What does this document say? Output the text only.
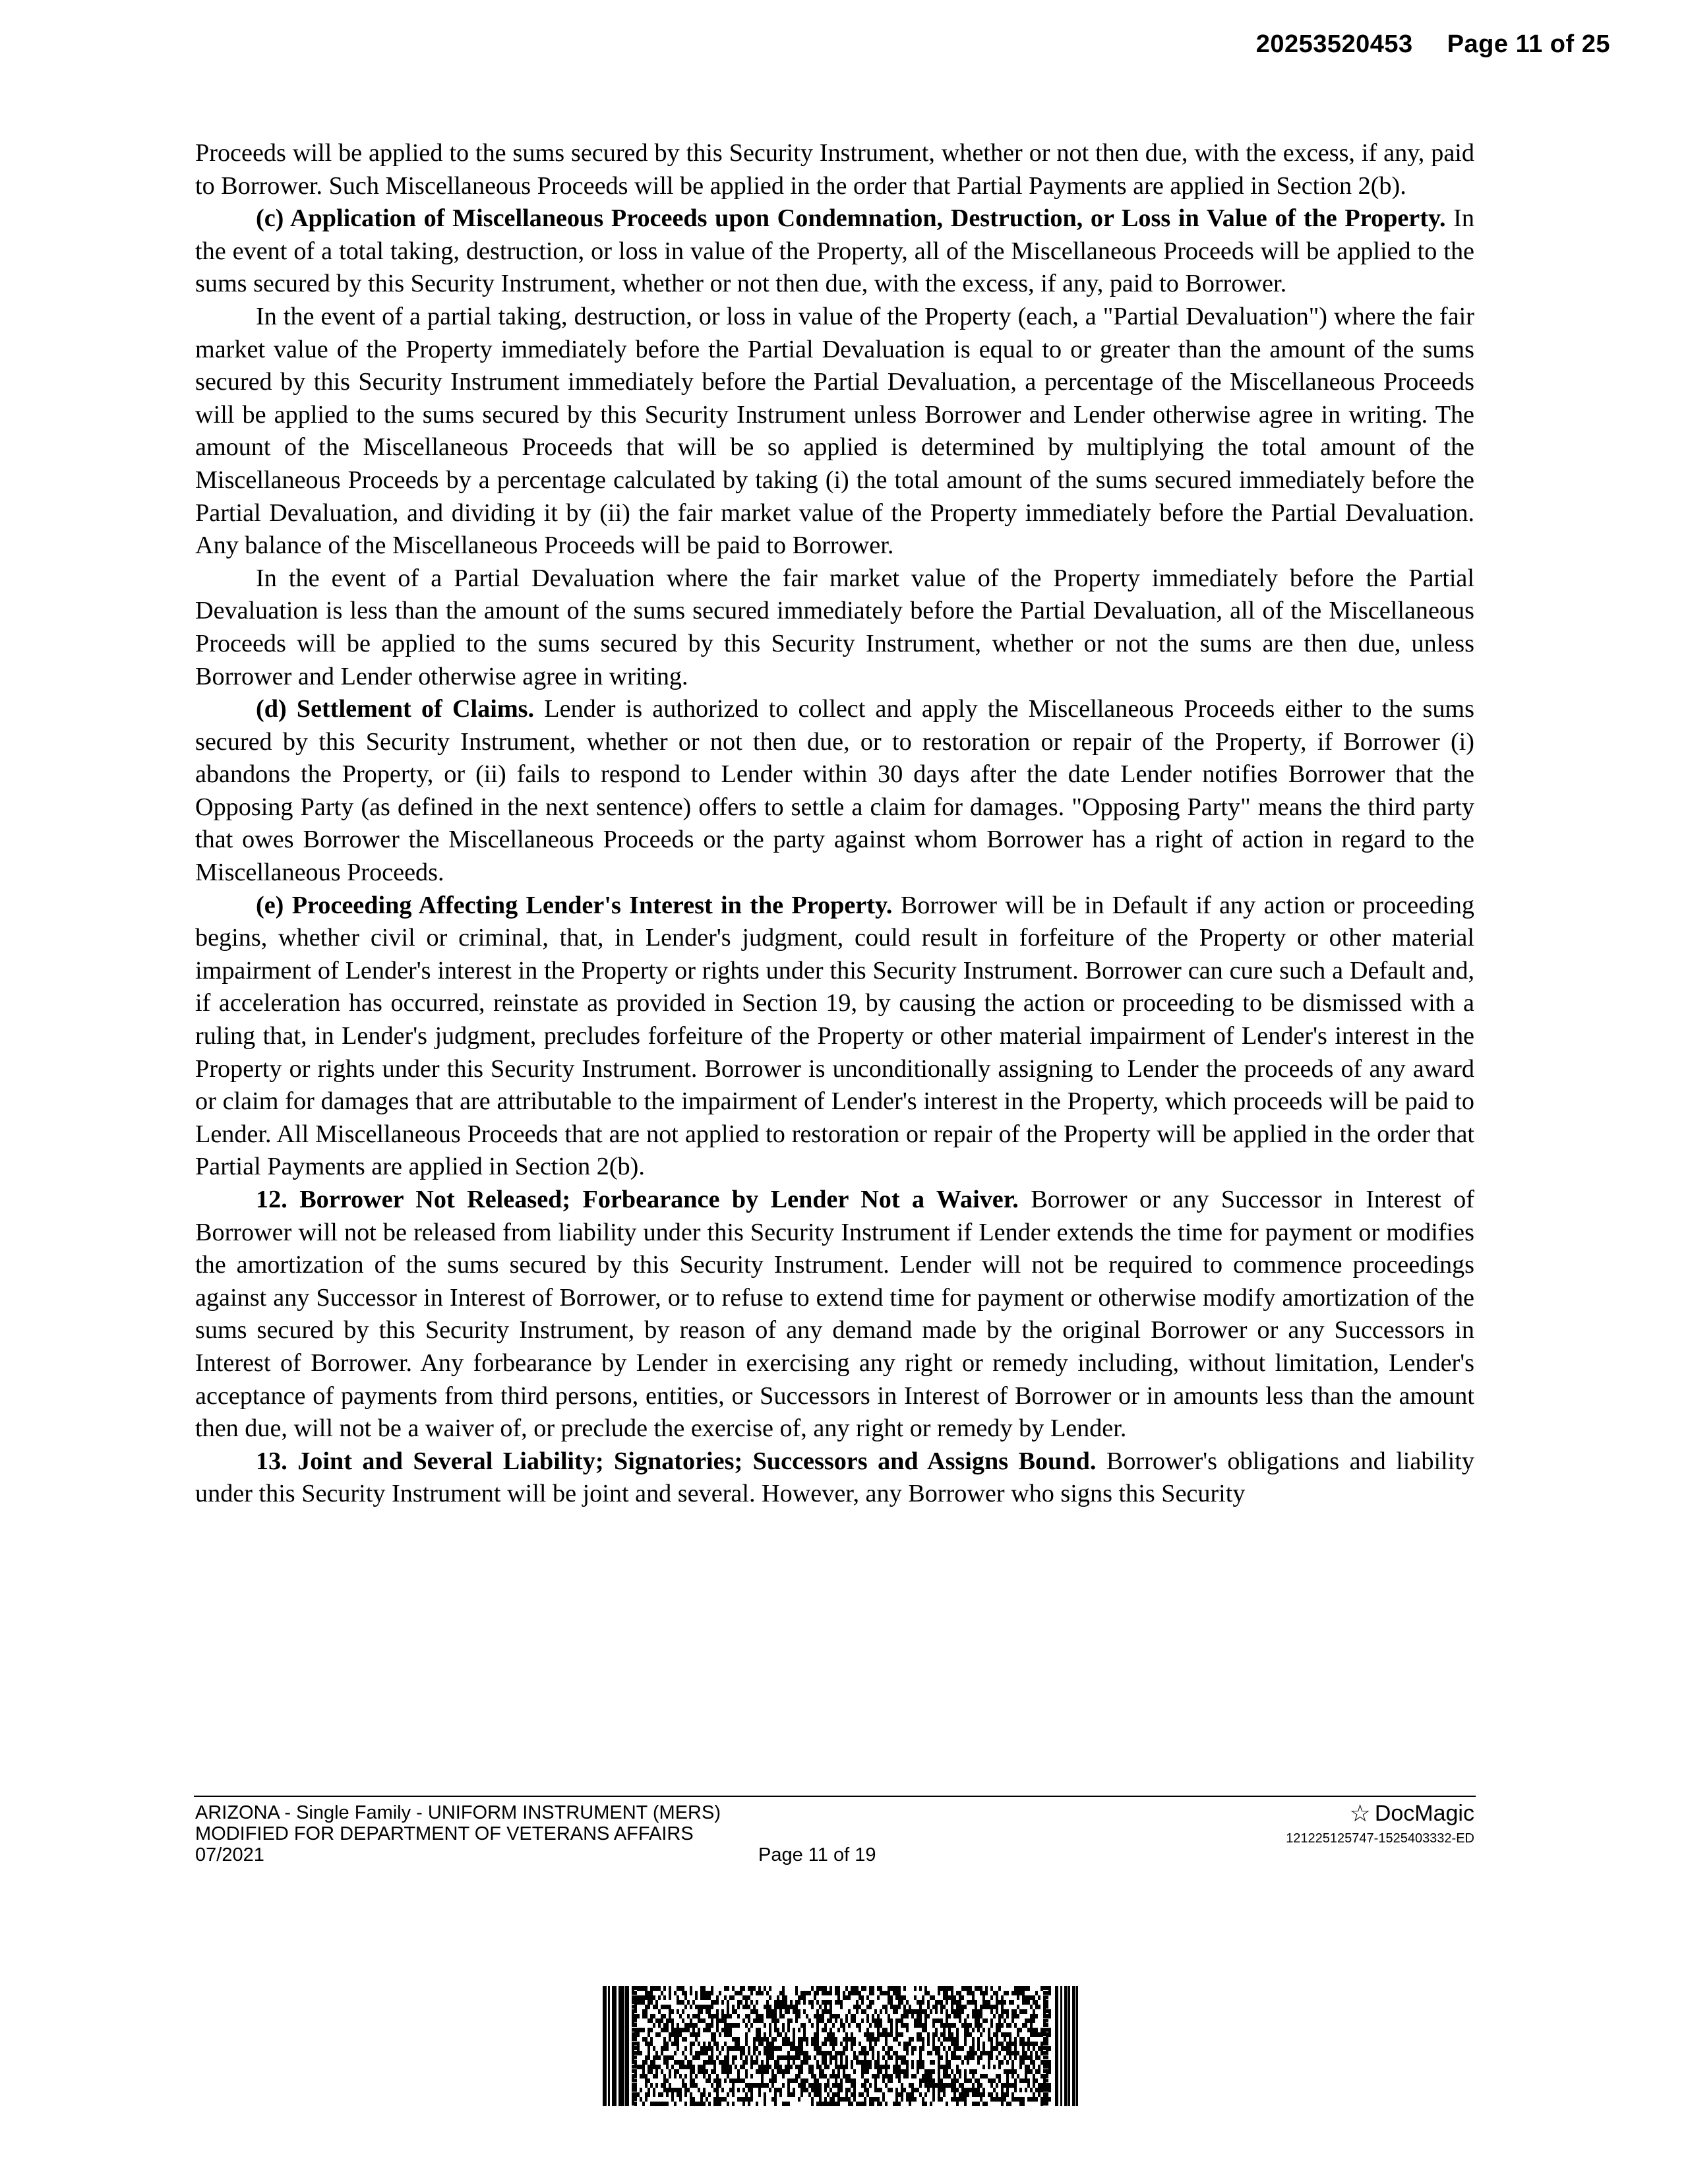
20253520453 Page 11 of 25

Proceeds will be applied to the sums secured by this Security Instrument, whether or not then due, with the excess, if any, paid to Borrower. Such Miscellaneous Proceeds will be applied in the order that Partial Payments are applied in Section 2(b).

(c) Application of Miscellaneous Proceeds upon Condemnation, Destruction, or Loss in Value of the Property. In the event of a total taking, destruction, or loss in value of the Property, all of the Miscellaneous Proceeds will be applied to the sums secured by this Security Instrument, whether or not then due, with the excess, if any, paid to Borrower.

In the event of a partial taking, destruction, or loss in value of the Property (each, a "Partial Devaluation") where the fair market value of the Property immediately before the Partial Devaluation is equal to or greater than the amount of the sums secured by this Security Instrument immediately before the Partial Devaluation, a percentage of the Miscellaneous Proceeds will be applied to the sums secured by this Security Instrument unless Borrower and Lender otherwise agree in writing. The amount of the Miscellaneous Proceeds that will be so applied is determined by multiplying the total amount of the Miscellaneous Proceeds by a percentage calculated by taking (i) the total amount of the sums secured immediately before the Partial Devaluation, and dividing it by (ii) the fair market value of the Property immediately before the Partial Devaluation. Any balance of the Miscellaneous Proceeds will be paid to Borrower.

In the event of a Partial Devaluation where the fair market value of the Property immediately before the Partial Devaluation is less than the amount of the sums secured immediately before the Partial Devaluation, all of the Miscellaneous Proceeds will be applied to the sums secured by this Security Instrument, whether or not the sums are then due, unless Borrower and Lender otherwise agree in writing.

(d) Settlement of Claims. Lender is authorized to collect and apply the Miscellaneous Proceeds either to the sums secured by this Security Instrument, whether or not then due, or to restoration or repair of the Property, if Borrower (i) abandons the Property, or (ii) fails to respond to Lender within 30 days after the date Lender notifies Borrower that the Opposing Party (as defined in the next sentence) offers to settle a claim for damages. "Opposing Party" means the third party that owes Borrower the Miscellaneous Proceeds or the party against whom Borrower has a right of action in regard to the Miscellaneous Proceeds.

(e) Proceeding Affecting Lender's Interest in the Property. Borrower will be in Default if any action or proceeding begins, whether civil or criminal, that, in Lender's judgment, could result in forfeiture of the Property or other material impairment of Lender's interest in the Property or rights under this Security Instrument. Borrower can cure such a Default and, if acceleration has occurred, reinstate as provided in Section 19, by causing the action or proceeding to be dismissed with a ruling that, in Lender's judgment, precludes forfeiture of the Property or other material impairment of Lender's interest in the Property or rights under this Security Instrument. Borrower is unconditionally assigning to Lender the proceeds of any award or claim for damages that are attributable to the impairment of Lender's interest in the Property, which proceeds will be paid to Lender. All Miscellaneous Proceeds that are not applied to restoration or repair of the Property will be applied in the order that Partial Payments are applied in Section 2(b).

12. Borrower Not Released; Forbearance by Lender Not a Waiver. Borrower or any Successor in Interest of Borrower will not be released from liability under this Security Instrument if Lender extends the time for payment or modifies the amortization of the sums secured by this Security Instrument. Lender will not be required to commence proceedings against any Successor in Interest of Borrower, or to refuse to extend time for payment or otherwise modify amortization of the sums secured by this Security Instrument, by reason of any demand made by the original Borrower or any Successors in Interest of Borrower. Any forbearance by Lender in exercising any right or remedy including, without limitation, Lender's acceptance of payments from third persons, entities, or Successors in Interest of Borrower or in amounts less than the amount then due, will not be a waiver of, or preclude the exercise of, any right or remedy by Lender.

13. Joint and Several Liability; Signatories; Successors and Assigns Bound. Borrower's obligations and liability under this Security Instrument will be joint and several. However, any Borrower who signs this Security

ARIZONA - Single Family - UNIFORM INSTRUMENT (MERS)
MODIFIED FOR DEPARTMENT OF VETERANS AFFAIRS
07/2021	Page 11 of 19
☆ DocMagic
121225125747-1525403332-ED
